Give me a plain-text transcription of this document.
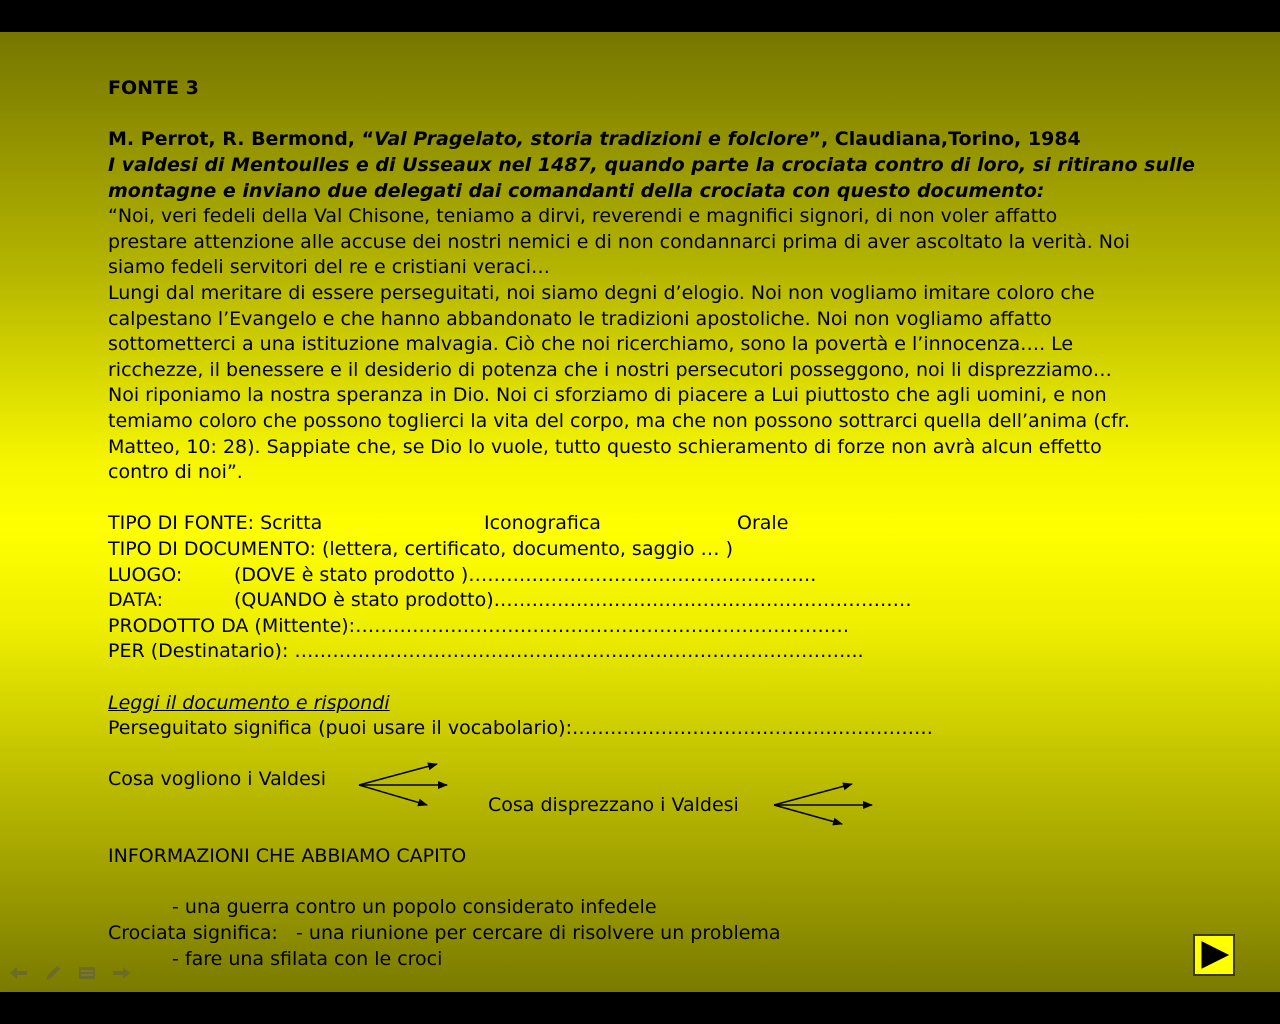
FONTE 3
M. Perrot, R. Bermond, “Val Pragelato, storia tradizioni e folclore”, Claudiana,Torino, 1984
I valdesi di Mentoulles e di Usseaux nel 1487, quando parte la crociata contro di loro, si ritirano sulle
montagne e inviano due delegati dai comandanti della crociata con questo documento:
“Noi, veri fedeli della Val Chisone, teniamo a dirvi, reverendi e magnifici signori, di non voler affatto
prestare attenzione alle accuse dei nostri nemici e di non condannarci prima di aver ascoltato la verità. Noi
siamo fedeli servitori del re e cristiani veraci…
Lungi dal meritare di essere perseguitati, noi siamo degni d’elogio. Noi non vogliamo imitare coloro che
calpestano l’Evangelo e che hanno abbandonato le tradizioni apostoliche. Noi non vogliamo affatto
sottometterci a una istituzione malvagia. Ciò che noi ricerchiamo, sono la povertà e l’innocenza…. Le
ricchezze, il benessere e il desiderio di potenza che i nostri persecutori posseggono, noi li disprezziamo…
Noi riponiamo la nostra speranza in Dio. Noi ci sforziamo di piacere a Lui piuttosto che agli uomini, e non
temiamo coloro che possono toglierci la vita del corpo, ma che non possono sottrarci quella dell’anima (cfr.
Matteo, 10: 28). Sappiate che, se Dio lo vuole, tutto questo schieramento di forze non avrà alcun effetto
contro di noi”.
TIPO DI FONTE: Scritta	Iconografica	Orale
TIPO DI DOCUMENTO: (lettera, certificato, documento, saggio … )
LUOGO:	(DOVE è stato prodotto )……………………………………………….
DATA:	(QUANDO è stato prodotto)…………………………………………………………
PRODOTTO DA (Mittente):……………………………………………………………………
PER (Destinatario): ……………………………………………………………………………...
Leggi il documento e rispondi
Perseguitato significa (puoi usare il vocabolario):…………………………………………………
Cosa vogliono i Valdesi
Cosa disprezzano i Valdesi
INFORMAZIONI CHE ABBIAMO CAPITO
- una guerra contro un popolo considerato infedele
Crociata significa: - una riunione per cercare di risolvere un problema
- fare una sfilata con le croci
